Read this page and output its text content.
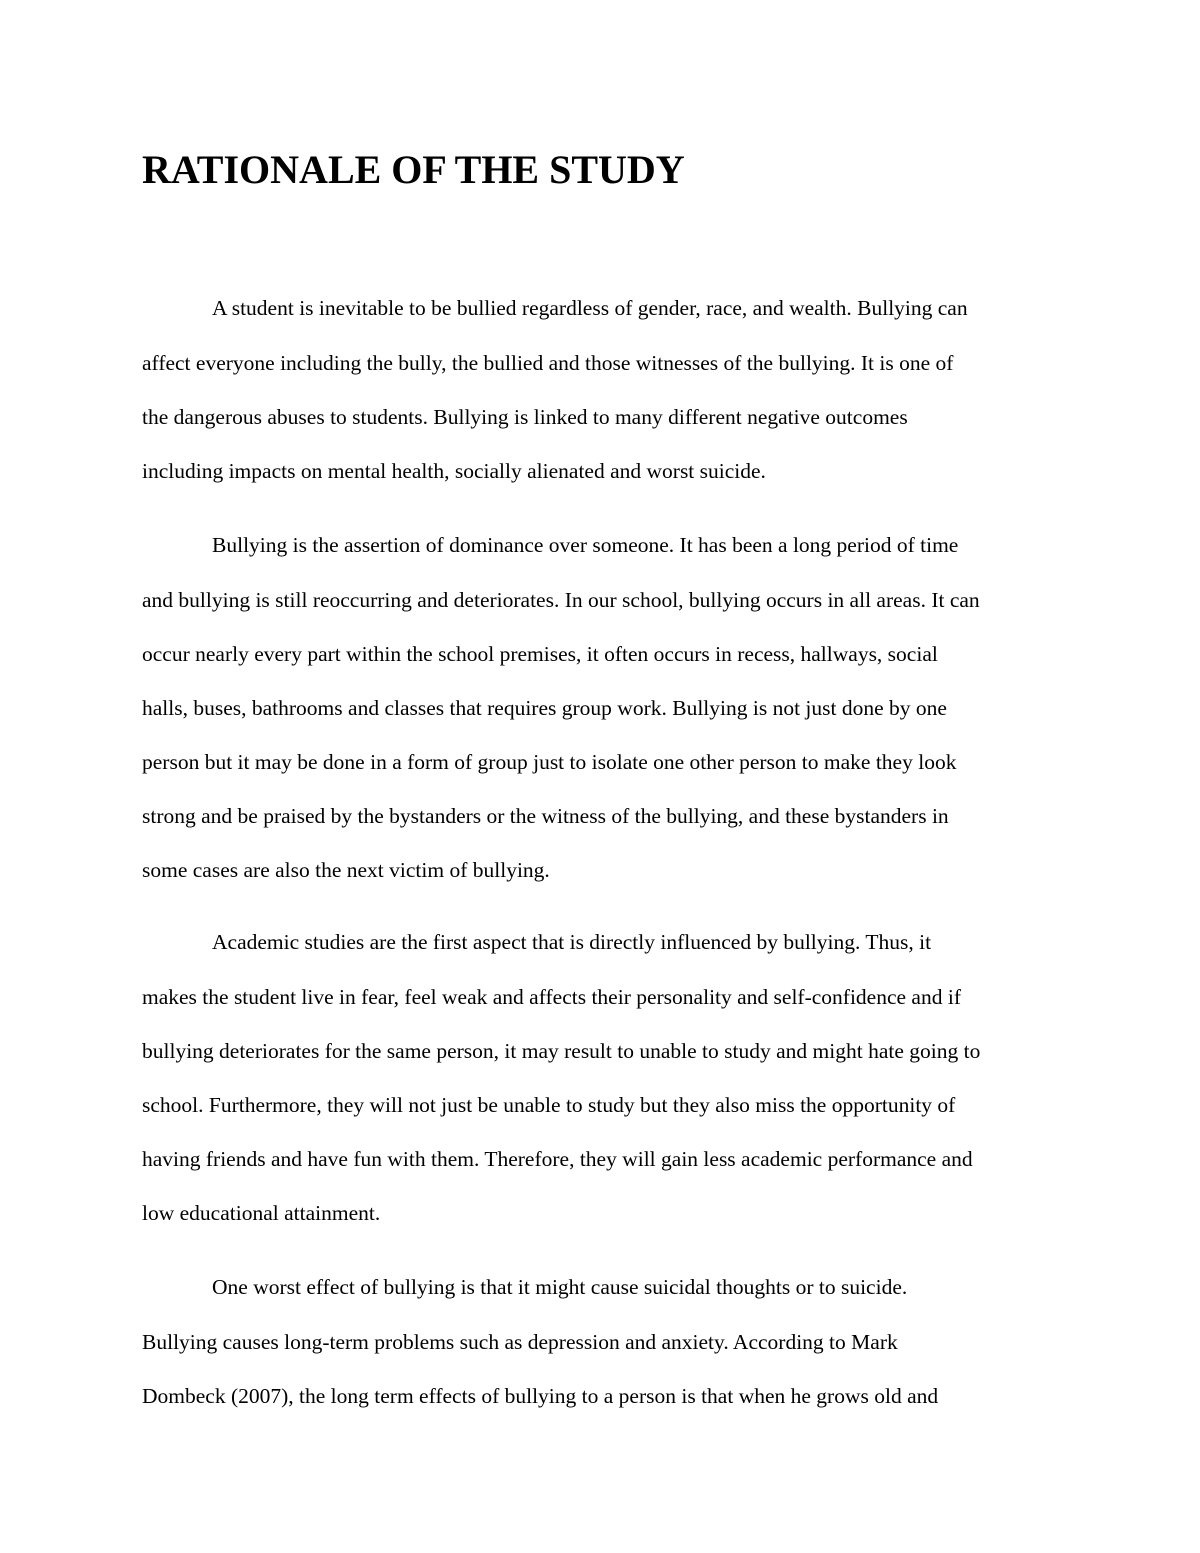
RATIONALE OF THE STUDY

A student is inevitable to be bullied regardless of gender, race, and wealth. Bullying can

affect everyone including the bully, the bullied and those witnesses of the bullying. It is one of

the dangerous abuses to students. Bullying is linked to many different negative outcomes

including impacts on mental health, socially alienated and worst suicide.

Bullying is the assertion of dominance over someone. It has been a long period of time

and bullying is still reoccurring and deteriorates. In our school, bullying occurs in all areas. It can

occur nearly every part within the school premises, it often occurs in recess, hallways, social

halls, buses, bathrooms and classes that requires group work. Bullying is not just done by one

person but it may be done in a form of group just to isolate one other person to make they look

strong and be praised by the bystanders or the witness of the bullying, and these bystanders in

some cases are also the next victim of bullying.

Academic studies are the first aspect that is directly influenced by bullying. Thus, it

makes the student live in fear, feel weak and affects their personality and self-confidence and if

bullying deteriorates for the same person, it may result to unable to study and might hate going to

school. Furthermore, they will not just be unable to study but they also miss the opportunity of

having friends and have fun with them. Therefore, they will gain less academic performance and

low educational attainment.

One worst effect of bullying is that it might cause suicidal thoughts or to suicide.

Bullying causes long-term problems such as depression and anxiety. According to Mark

Dombeck (2007), the long term effects of bullying to a person is that when he grows old and
